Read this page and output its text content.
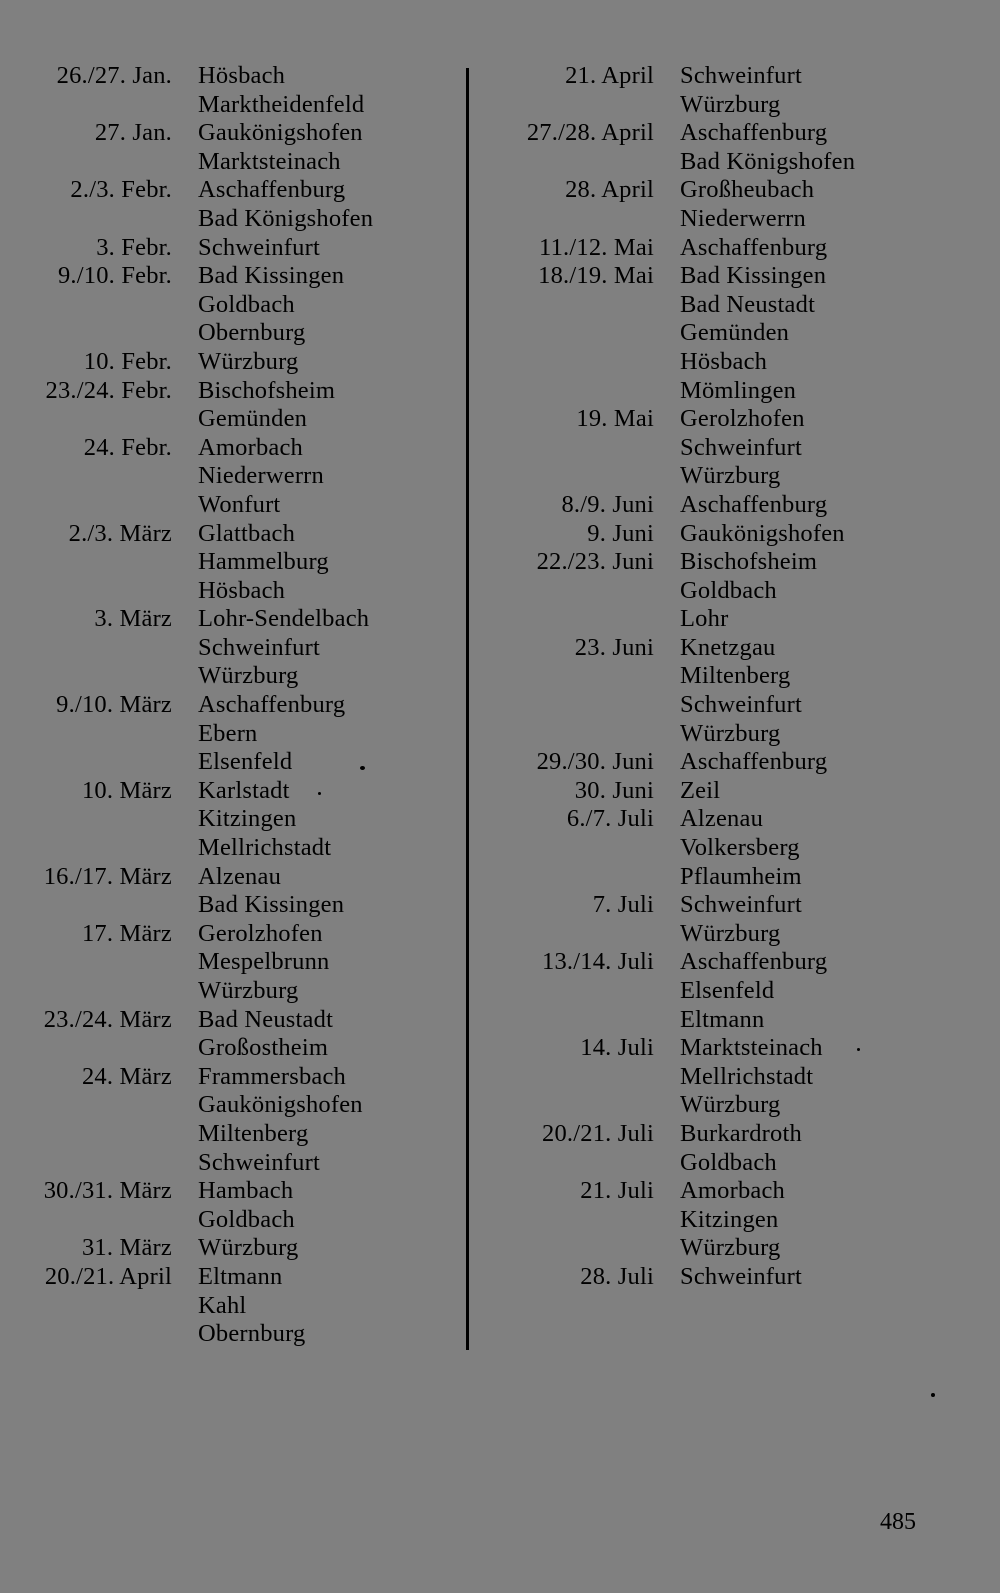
26./27. Jan.	Hösbach
Marktheidenfeld
27. Jan.	Gaukönigshofen
Marktsteinach
2./3. Febr.	Aschaffenburg
Bad Königshofen
3. Febr.	Schweinfurt
9./10. Febr.	Bad Kissingen
Goldbach
Obernburg
10. Febr.	Würzburg
23./24. Febr.	Bischofsheim
Gemünden
24. Febr.	Amorbach
Niederwerrn
Wonfurt
2./3. März	Glattbach
Hammelburg
Hösbach
3. März	Lohr-Sendelbach
Schweinfurt
Würzburg
9./10. März	Aschaffenburg
Ebern
Elsenfeld
10. März	Karlstadt
Kitzingen
Mellrichstadt
16./17. März	Alzenau
Bad Kissingen
17. März	Gerolzhofen
Mespelbrunn
Würzburg
23./24. März	Bad Neustadt
Großostheim
24. März	Frammersbach
Gaukönigshofen
Miltenberg
Schweinfurt
30./31. März	Hambach
Goldbach
31. März	Würzburg
20./21. April	Eltmann
Kahl
Obernburg
21. April	Schweinfurt
Würzburg
27./28. April	Aschaffenburg
Bad Königshofen
28. April	Großheubach
Niederwerrn
11./12. Mai	Aschaffenburg
18./19. Mai	Bad Kissingen
Bad Neustadt
Gemünden
Hösbach
Mömlingen
19. Mai	Gerolzhofen
Schweinfurt
Würzburg
8./9. Juni	Aschaffenburg
9. Juni	Gaukönigshofen
22./23. Juni	Bischofsheim
Goldbach
Lohr
23. Juni	Knetzgau
Miltenberg
Schweinfurt
Würzburg
29./30. Juni	Aschaffenburg
30. Juni	Zeil
6./7. Juli	Alzenau
Volkersberg
Pflaumheim
7. Juli	Schweinfurt
Würzburg
13./14. Juli	Aschaffenburg
Elsenfeld
Eltmann
14. Juli	Marktsteinach
Mellrichstadt
Würzburg
20./21. Juli	Burkardroth
Goldbach
21. Juli	Amorbach
Kitzingen
Würzburg
28. Juli	Schweinfurt
485
